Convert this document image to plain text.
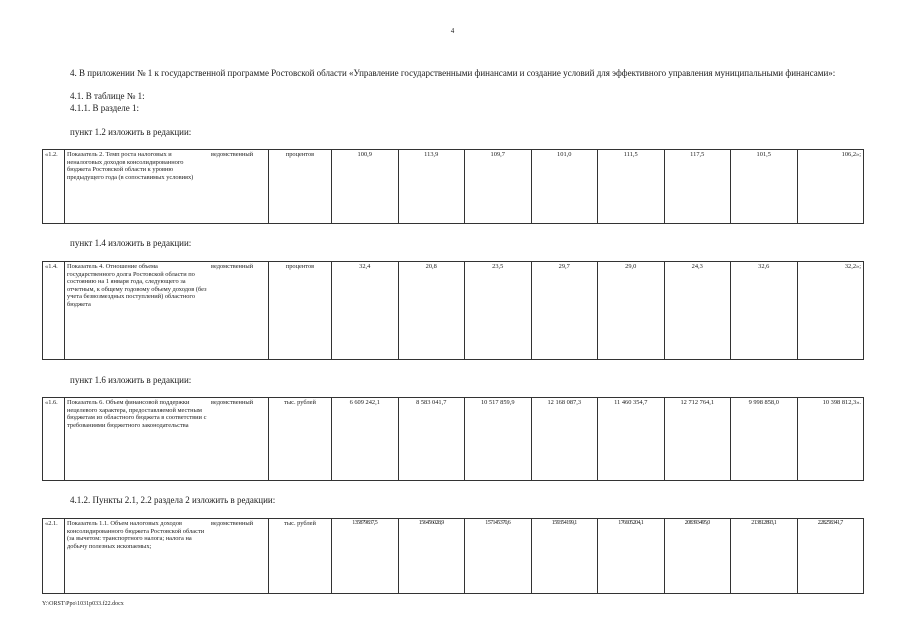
4
4. В приложении № 1 к государственной программе Ростовской области «Управление государственными финансами и создание условий для эффективного управления муниципальными финансами»:
4.1. В таблице № 1:
4.1.1. В разделе 1:
пункт 1.2 изложить в редакции:
«1.2.	Показатель 2. Темп роста налоговых и неналоговых доходов консолидированного бюджета Ростовской области к уровню предыдущего года (в сопоставимых условиях)	ведомственный	процентов	100,9	113,9	109,7	101,0	111,5	117,5	101,5	106,2»;
пункт 1.4 изложить в редакции:
«1.4.	Показатель 4. Отношение объема государственного долга Ростовской области по состоянию на 1 января года, следующего за отчетным, к общему годовому объему доходов (без учета безвозмездных поступлений) областного бюджета	ведомственный	процентов	32,4	20,8	23,5	29,7	29,0	24,3	32,6	32,2»;
пункт 1.6 изложить в редакции:
«1.6.	Показатель 6. Объем финансовой поддержки нецелевого характера, предоставляемой местным бюджетам из областного бюджета в соответствии с требованиями бюджетного законодательства	ведомственный	тыс. рублей	6 609 242,1	8 583 041,7	10 517 859,9	12 168 087,3	11 460 354,7	12 712 764,1	9 998 858,0	10 398 812,3».
4.1.2. Пункты 2.1, 2.2 раздела 2 изложить в редакции:
«2.1.	Показатель 1.1. Объем налоговых доходов консолидированного бюджета Ростовской области (за вычетом: транспортного налога; налога на добычу полезных ископаемых;	ведомственный	тыс. рублей	135879837,5	156456028,9	157145370,6	159354199,1	176605204,1	208393495,0	213812893,1	228258341,7
Y:\ORST\Ppo\1031p033.f22.docx
